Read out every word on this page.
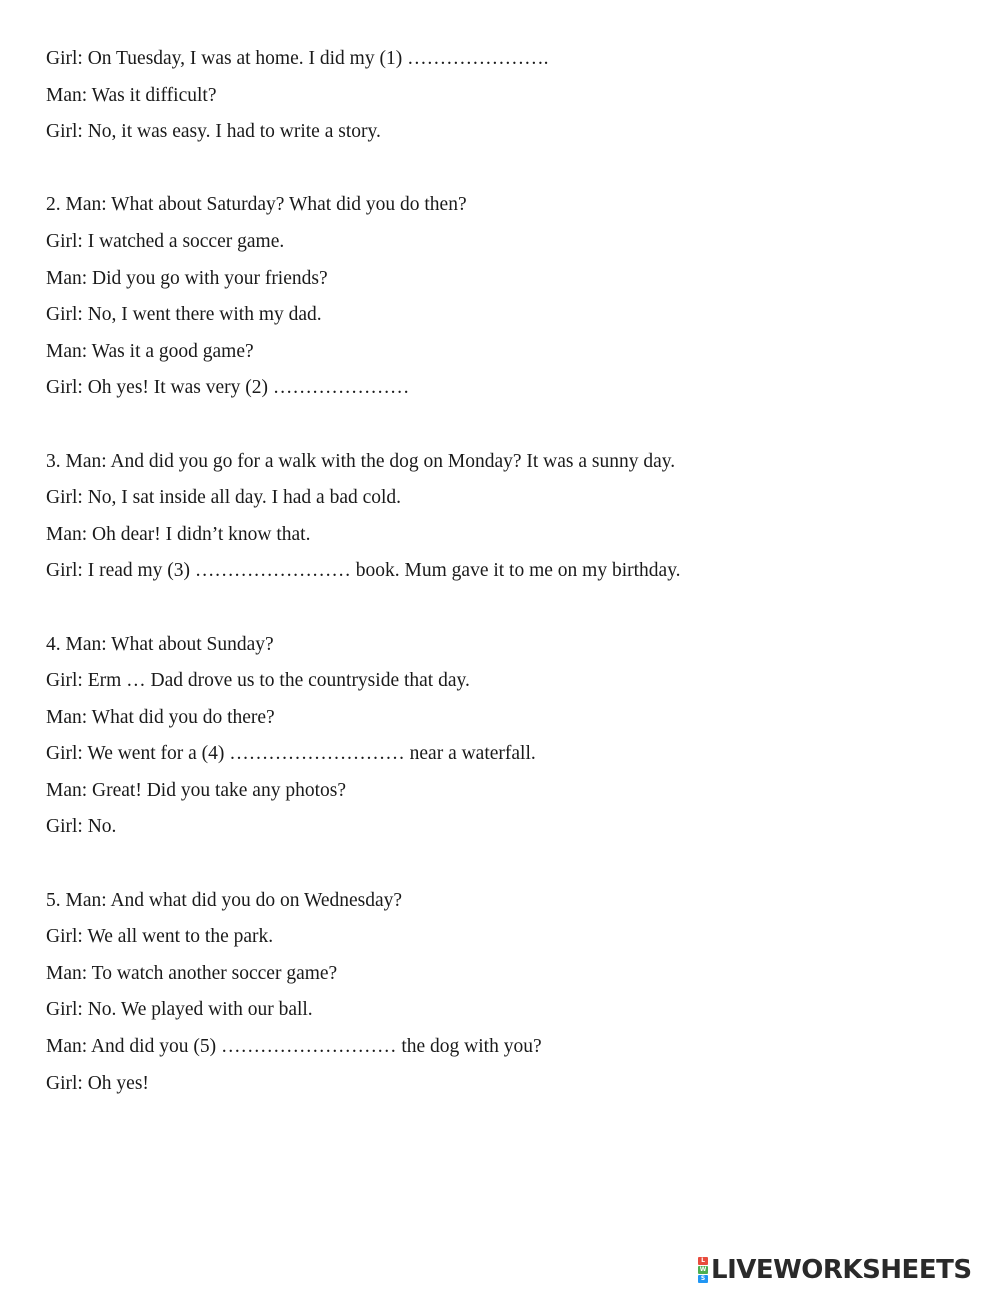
Girl: On Tuesday, I was at home. I did my (1) ………………….
Man: Was it difficult?
Girl: No, it was easy. I had to write a story.
2. Man: What about Saturday? What did you do then?
Girl: I watched a soccer game.
Man: Did you go with your friends?
Girl: No, I went there with my dad.
Man: Was it a good game?
Girl: Oh yes! It was very (2) …………………
3. Man: And did you go for a walk with the dog on Monday? It was a sunny day.
Girl: No, I sat inside all day. I had a bad cold.
Man: Oh dear! I didn’t know that.
Girl: I read my (3) …………………… book. Mum gave it to me on my birthday.
4. Man: What about Sunday?
Girl: Erm … Dad drove us to the countryside that day.
Man: What did you do there?
Girl: We went for a (4) ……………………… near a waterfall.
Man: Great! Did you take any photos?
Girl: No.
5. Man: And what did you do on Wednesday?
Girl: We all went to the park.
Man: To watch another soccer game?
Girl: No. We played with our ball.
Man: And did you (5) ……………………… the dog with you?
Girl: Oh yes!
L
W
S LIVEWORKSHEETS
